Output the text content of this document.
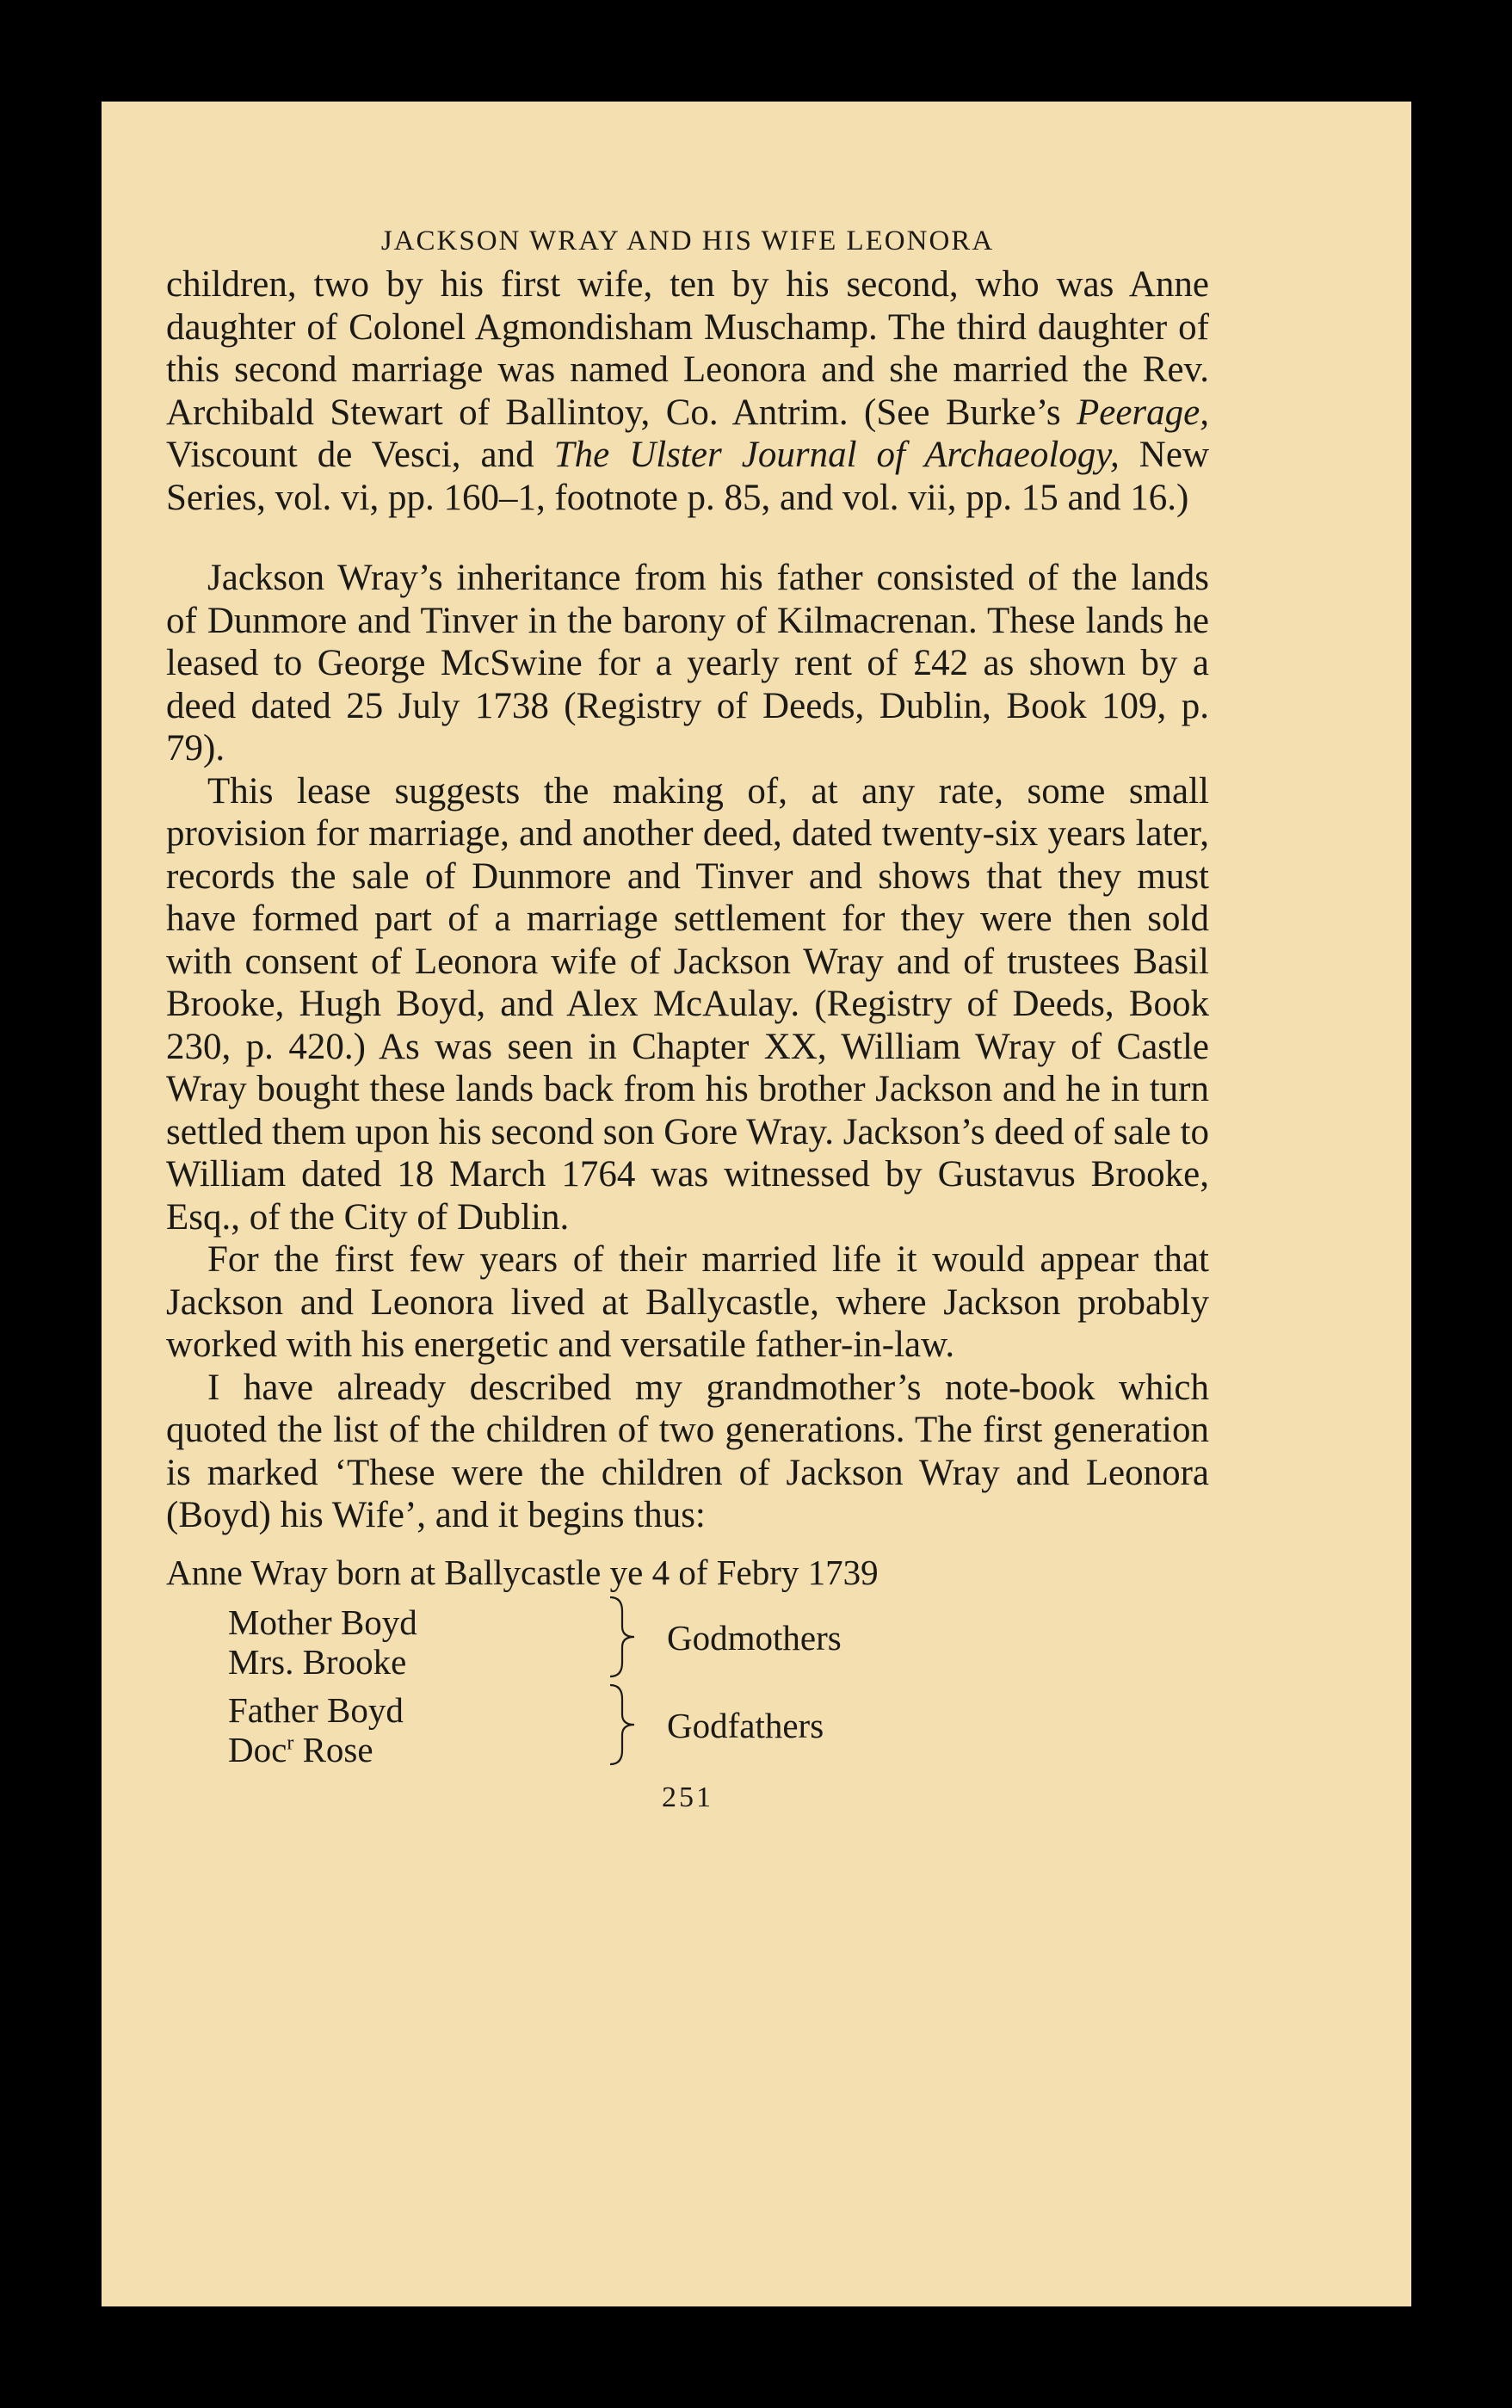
JACKSON WRAY AND HIS WIFE LEONORA

children, two by his first wife, ten by his second, who was Anne daughter of Colonel Agmondisham Muschamp. The third daughter of this second marriage was named Leonora and she married the Rev. Archibald Stewart of Ballintoy, Co. Antrim. (See Burke’s Peerage, Viscount de Vesci, and The Ulster Journal of Archaeology, New Series, vol. vi, pp. 160–1, footnote p. 85, and vol. vii, pp. 15 and 16.)

Jackson Wray’s inheritance from his father consisted of the lands of Dunmore and Tinver in the barony of Kilmacrenan. These lands he leased to George McSwine for a yearly rent of £42 as shown by a deed dated 25 July 1738 (Registry of Deeds, Dublin, Book 109, p. 79).

This lease suggests the making of, at any rate, some small provision for marriage, and another deed, dated twenty-six years later, records the sale of Dunmore and Tinver and shows that they must have formed part of a marriage settlement for they were then sold with consent of Leonora wife of Jackson Wray and of trustees Basil Brooke, Hugh Boyd, and Alex McAulay. (Registry of Deeds, Book 230, p. 420.) As was seen in Chapter XX, William Wray of Castle Wray bought these lands back from his brother Jackson and he in turn settled them upon his second son Gore Wray. Jackson’s deed of sale to William dated 18 March 1764 was witnessed by Gustavus Brooke, Esq., of the City of Dublin.

For the first few years of their married life it would appear that Jackson and Leonora lived at Ballycastle, where Jackson probably worked with his energetic and versatile father-in-law.

I have already described my grandmother’s note-book which quoted the list of the children of two generations. The first generation is marked ‘These were the children of Jackson Wray and Leonora (Boyd) his Wife’, and it begins thus:

Anne Wray born at Ballycastle ye 4 of Febry 1739
Mother Boyd
Mrs. Brooke
Godmothers
Father Boyd
Doc$^r$ Rose
Godfathers
251
